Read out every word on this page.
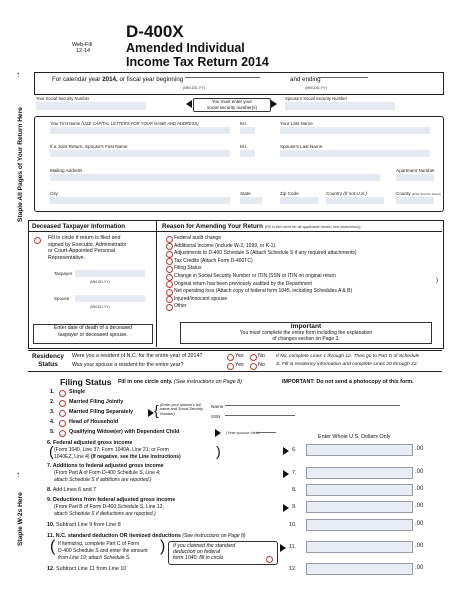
Staple All Pages of Your Return Here
↑
Staple W-2s Here
↑
Web-Fill
12-14
D-400X
Amended Individual
Income Tax Return 2014
For calendar year 2014, or fiscal year beginning
(MM-DD-YY)
and ending
(MM-DD-YY)
Your Social Security Number
You must enter your
social security number(s)
Spouse's Social Security Number
Your First Name (USE CAPITAL LETTERS FOR YOUR NAME AND ADDRESS)	M.I.	Your Last Name
If a Joint Return, Spouse's First Name	M.I.	Spouse's Last Name
Mailing Address	Apartment Number
City	State	Zip Code	Country (If not U.S.)	County (Enter first five letters)
Deceased Taxpayer Information
Fill in circle if return is filed and
signed by Executor, Administrator
or Court-Appointed Personal
Representative.
Taxpayer
(MM-DD-YY)
Spouse
(MM-DD-YY)
Enter date of death of a deceased
taxpayer or deceased spouse.
Reason for Amending Your Return (Fill in the circle for all applicable boxes; see instructions)
Federal audit change
Additional Income (include W-2, 1099, or K-1)
Adjustments to D-400 Schedule S (Attach Schedule S if any required attachments)
Tax Credits (Attach Form D-400TC)
Filing Status
Change in Social Security Number or ITIN (SSN or ITIN on original return
Original return has been previously audited by the Department
Net operating loss (Attach copy of federal form 1045, including Schedules A & B)
Injured/innocent spouse
Other
)
Important
You must complete the entire form including the explanation
of changes section on Page 3.
Residency
Status
Were you a resident of N.C. for the entire year of 2014?
Was your spouse a resident for the entire year?
Yes	No
Yes	No
If No, complete Lines 1 through 12. Then go to Part D of Schedule
S. Fill in residency information and complete Lines 20 through 22.
Filing Status Fill in one circle only. (See instructions on Page 8)	IMPORTANT: Do not send a photocopy of this form.
1.	Single
2.	Married Filing Jointly
3.	Married Filing Separately
4.	Head of Household
5.	Qualifying Widow(er) with Dependent Child
(Enter your spouse's full name and Social Security Number)
{	Name
SSN
(Year spouse died)
Enter Whole U.S. Dollars Only
6. Federal adjusted gross income
(Form 1040, Line 37; Form 1040A, Line 21; or Form
1040EZ, Line 4) (If negative, see the Line instructions)
(	)	6.	.00
7. Additions to federal adjusted gross income
(From Part A of Form D-400 Schedule S, Line 4;
attach Schedule S if additions are reported.)
7.	.00
8. Add Lines 6 and 7	8.	.00
9. Deductions from federal adjusted gross income
(From Part B of Form D-400 Schedule S, Line 12;
attach Schedule S if deductions are reported.)
9.	.00
10. Subtract Line 9 from Line 8	10.	.00
11. N.C. standard deduction OR itemized deductions (See instructions on Page 8)
If itemizing, complete Part C of Form
D-400 Schedule S and enter the amount
from Line 19; attach Schedule S.
(	) If you claimed the standard
deduction on federal
form 1040, fill in circle
11.	.00
12. Subtract Line 11 from Line 10	12.	.00
